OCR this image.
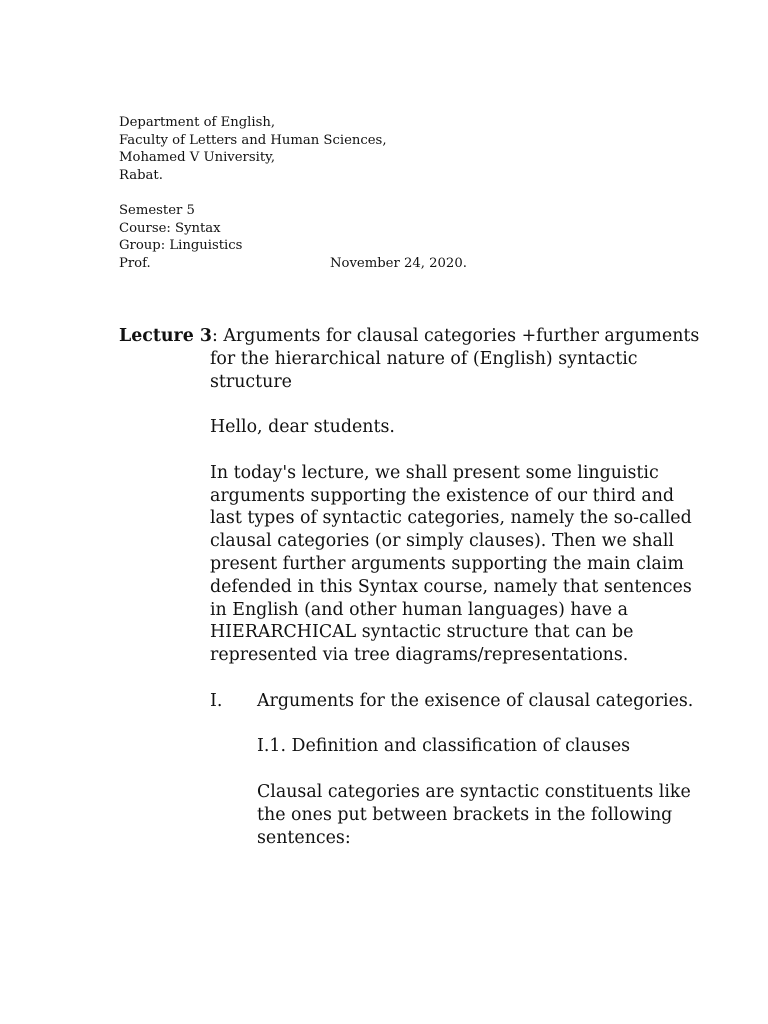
Department of English,
Faculty of Letters and Human Sciences,
Mohamed V University,
Rabat.
Semester 5
Course: Syntax
Group: Linguistics
Prof.	November 24, 2020.
Lecture 3: Arguments for clausal categories +further arguments
for the hierarchical nature of (English) syntactic
structure
Hello, dear students.
In today's lecture, we shall present some linguistic
arguments supporting the existence of our third and
last types of syntactic categories, namely the so-called
clausal categories (or simply clauses). Then we shall
present further arguments supporting the main claim
defended in this Syntax course, namely that sentences
in English (and other human languages) have a
HIERARCHICAL syntactic structure that can be
represented via tree diagrams/representations.
I. Arguments for the exisence of clausal categories.
I.1. Definition and classification of clauses
Clausal categories are syntactic constituents like
the ones put between brackets in the following
sentences:
